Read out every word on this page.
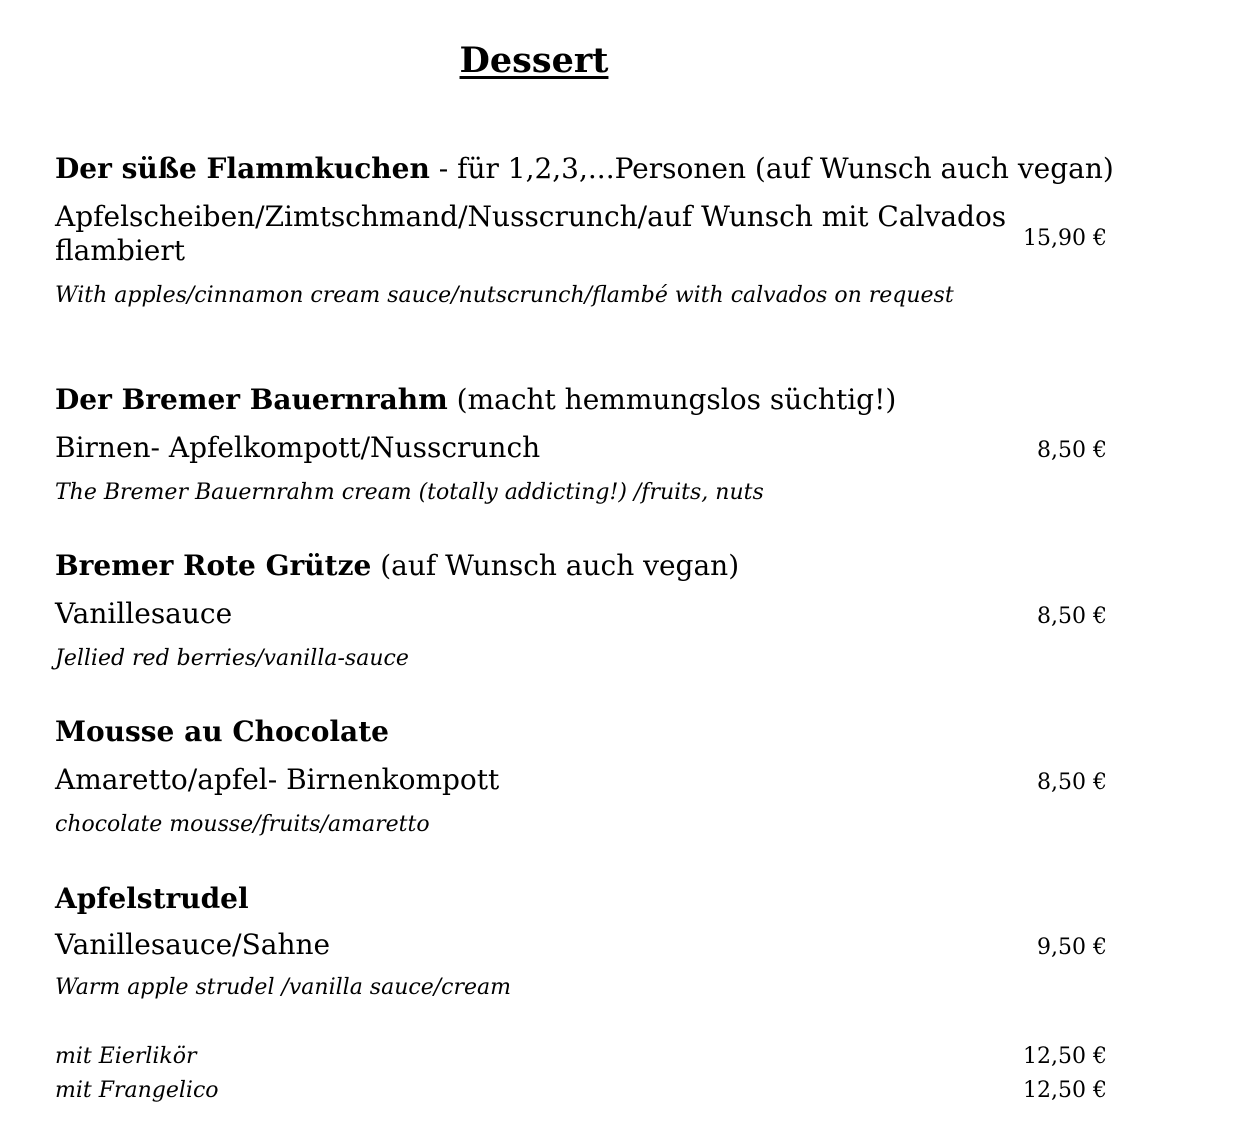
Dessert
Der süße Flammkuchen - für 1,2,3,...Personen (auf Wunsch auch vegan)
Apfelscheiben/Zimtschmand/Nusscrunch/auf Wunsch mit Calvados flambiert	15,90 €
With apples/cinnamon cream sauce/nutscrunch/flambé with calvados on request
Der Bremer Bauernrahm (macht hemmungslos süchtig!)
Birnen- Apfelkompott/Nusscrunch	8,50 €
The Bremer Bauernrahm cream (totally addicting!) /fruits, nuts
Bremer Rote Grütze (auf Wunsch auch vegan)
Vanillesauce	8,50 €
Jellied red berries/vanilla-sauce
Mousse au Chocolate
Amaretto/apfel- Birnenkompott	8,50 €
chocolate mousse/fruits/amaretto
Apfelstrudel
Vanillesauce/Sahne	9,50 €
Warm apple strudel /vanilla sauce/cream
mit Eierlikör	12,50 €
mit Frangelico	12,50 €
